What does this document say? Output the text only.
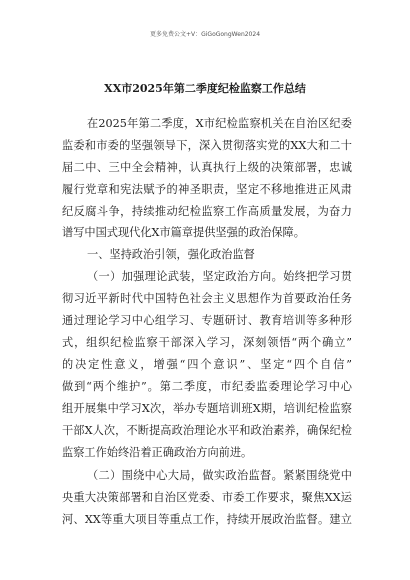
更多免费公文+V：GiGoGongWen2024
XX市2025年第二季度纪检监察工作总结
在2025年第二季度，X市纪检监察机关在自治区纪委
监委和市委的坚强领导下，深入贯彻落实党的XX大和二十
届二中、三中全会精神，认真执行上级的决策部署，忠诚
履行党章和宪法赋予的神圣职责，坚定不移地推进正风肃
纪反腐斗争，持续推动纪检监察工作高质量发展，为奋力
谱写中国式现代化X市篇章提供坚强的政治保障。
一、坚持政治引领，强化政治监督
（一）加强理论武装，坚定政治方向。始终把学习贯
彻习近平新时代中国特色社会主义思想作为首要政治任务
通过理论学习中心组学习、专题研讨、教育培训等多种形
式，组织纪检监察干部深入学习，深刻领悟“两个确立”
的决定性意义，增强“四个意识”、坚定“四个自信”
做到“两个维护”。第二季度，市纪委监委理论学习中心
组开展集中学习X次，举办专题培训班X期，培训纪检监察
干部X人次，不断提高政治理论水平和政治素养，确保纪检
监察工作始终沿着正确政治方向前进。
（二）围绕中心大局，做实政治监督。紧紧围绕党中
央重大决策部署和自治区党委、市委工作要求，聚焦XX运
河、XX等重大项目等重点工作，持续开展政治监督。建立
